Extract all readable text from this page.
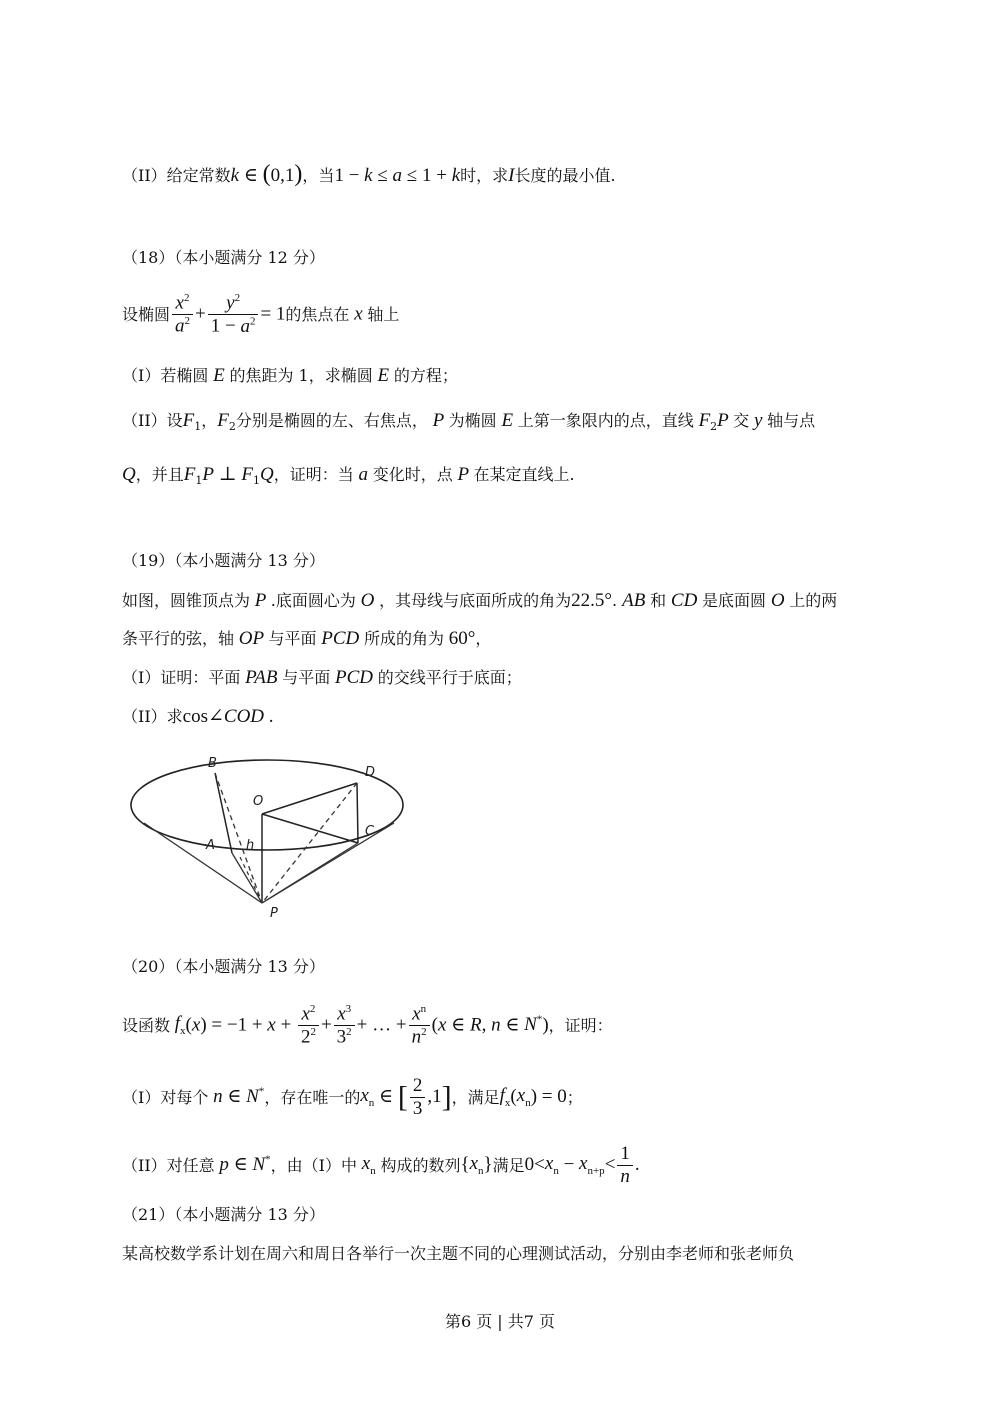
（II）给定常数k ∈ (0,1)，当1 − k ≤ a ≤ 1 + k时，求I长度的最小值.
（18）（本小题满分 12 分）
设椭圆 $\frac{x^2}{a^2} + \frac{y^2}{1 - a^2} = 1$的焦点在 x 轴上
（I）若椭圆 E 的焦距为 1，求椭圆 E 的方程；
（II）设$F_1$，$F_2$分别是椭圆的左、右焦点， P 为椭圆 E 上第一象限内的点，直线 $F_2P$ 交 y 轴与点
Q，并且$F_1P$ ⊥ $F_1Q$，证明：当 a 变化时，点 P 在某定直线上.
（19）（本小题满分 13 分）
如图，圆锥顶点为 P .底面圆心为 O ，其母线与底面所成的角为22.5°. AB 和 CD 是底面圆 O 上的两
条平行的弦，轴 OP 与平面 PCD 所成的角为 60°，
（I）证明：平面 PAB 与平面 PCD 的交线平行于底面；
（II）求cos∠COD .
B
D
O
C
A h
P
（20）（本小题满分 13 分）
设函数 $f_x(x) = -1 + x + \frac{x^2}{2^2} + \frac{x^3}{3^2}$ + … + $\frac{x^n}{n^2} (x$ ∈ R, n ∈ N*)，证明：
（I）对每个 n ∈ N*，存在唯一的$x_n$ ∈ [ $\frac{2}{3} ,1$]，满足$f_x(x_n) = 0$；
（II）对任意 p ∈ N*，由（I）中 $x_n$ 构成的数列$\{x_n\}$满足$0<x_n - x_{n+p}< \frac{1}{n}$ .
（21）（本小题满分 13 分）
某高校数学系计划在周六和周日各举行一次主题不同的心理测试活动，分别由李老师和张老师负
第6 页 | 共7 页
